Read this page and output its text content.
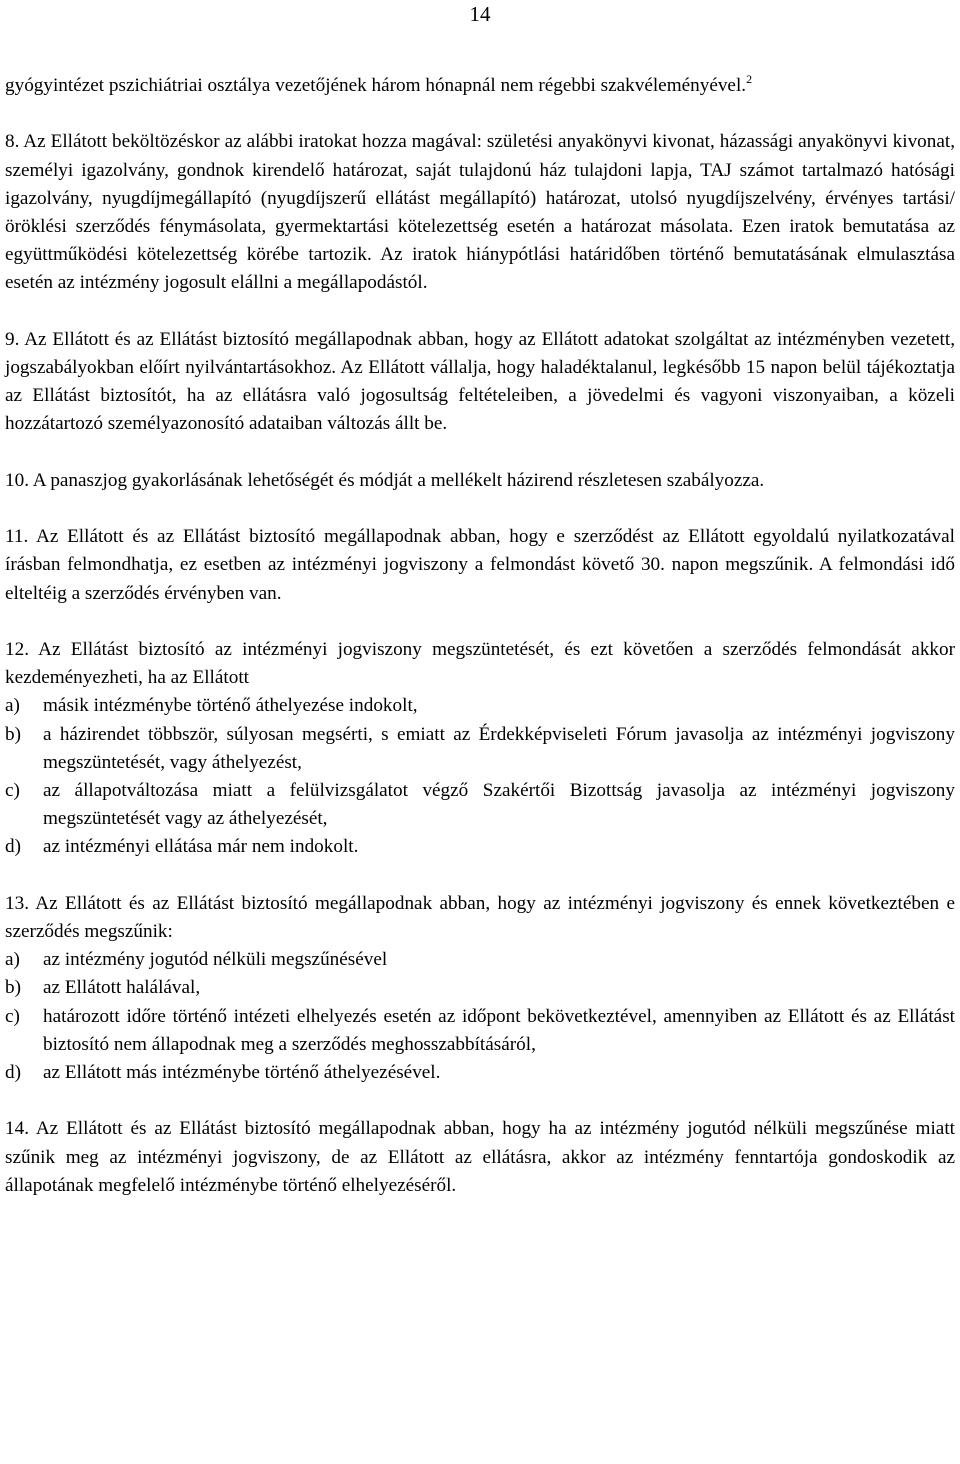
14

gyógyintézet pszichiátriai osztálya vezetőjének három hónapnál nem régebbi szakvéleményével.$^2$

8. Az Ellátott beköltözéskor az alábbi iratokat hozza magával: születési anyakönyvi kivonat, házassági anyakönyvi kivonat, személyi igazolvány, gondnok kirendelő határozat, saját tulajdonú ház tulajdoni lapja, TAJ számot tartalmazó hatósági igazolvány, nyugdíjmegállapító (nyugdíjszerű ellátást megállapító) határozat, utolsó nyugdíjszelvény, érvényes tartási/öröklési szerződés fénymásolata, gyermektartási kötelezettség esetén a határozat másolata. Ezen iratok bemutatása az együttműködési kötelezettség körébe tartozik. Az iratok hiánypótlási határidőben történő bemutatásának elmulasztása esetén az intézmény jogosult elállni a megállapodástól.

9. Az Ellátott és az Ellátást biztosító megállapodnak abban, hogy az Ellátott adatokat szolgáltat az intézményben vezetett, jogszabályokban előírt nyilvántartásokhoz. Az Ellátott vállalja, hogy haladéktalanul, legkésőbb 15 napon belül tájékoztatja az Ellátást biztosítót, ha az ellátásra való jogosultság feltételeiben, a jövedelmi és vagyoni viszonyaiban, a közeli hozzátartozó személyazonosító adataiban változás állt be.

10. A panaszjog gyakorlásának lehetőségét és módját a mellékelt házirend részletesen szabályozza.

11. Az Ellátott és az Ellátást biztosító megállapodnak abban, hogy e szerződést az Ellátott egyoldalú nyilatkozatával írásban felmondhatja, ez esetben az intézményi jogviszony a felmondást követő 30. napon megszűnik. A felmondási idő elteltéig a szerződés érvényben van.

12. Az Ellátást biztosító az intézményi jogviszony megszüntetését, és ezt követően a szerződés felmondását akkor kezdeményezheti, ha az Ellátott
a) másik intézménybe történő áthelyezése indokolt,
b) a házirendet többször, súlyosan megsérti, s emiatt az Érdekképviseleti Fórum javasolja az intézményi jogviszony megszüntetését, vagy áthelyezést,
c) az állapotváltozása miatt a felülvizsgálatot végző Szakértői Bizottság javasolja az intézményi jogviszony megszüntetését vagy az áthelyezését,
d) az intézményi ellátása már nem indokolt.
13. Az Ellátott és az Ellátást biztosító megállapodnak abban, hogy az intézményi jogviszony és ennek következtében e szerződés megszűnik:
a) az intézmény jogutód nélküli megszűnésével
b) az Ellátott halálával,
c) határozott időre történő intézeti elhelyezés esetén az időpont bekövetkeztével, amennyiben az Ellátott és az Ellátást biztosító nem állapodnak meg a szerződés meghosszabbításáról,
d) az Ellátott más intézménybe történő áthelyezésével.

14. Az Ellátott és az Ellátást biztosító megállapodnak abban, hogy ha az intézmény jogutód nélküli megszűnése miatt szűnik meg az intézményi jogviszony, de az Ellátott az ellátásra, akkor az intézmény fenntartója gondoskodik az állapotának megfelelő intézménybe történő elhelyezéséről.
